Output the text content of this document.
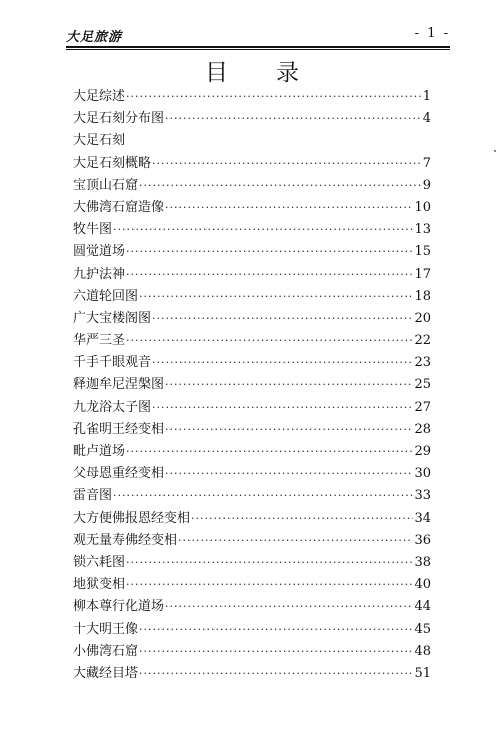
大足旅游	- 1 -
目录
大足综述 ·····	1
大足石刻分布图 ·····	4
大足石刻
大足石刻概略 ·····	7
宝顶山石窟 ·····	9
大佛湾石窟造像 ·····	10
牧牛图 ·····	13
圆觉道场 ·····	15
九护法神 ·····	17
六道轮回图 ·····	18
广大宝楼阁图 ·····	20
华严三圣 ·····	22
千手千眼观音 ·····	23
释迦牟尼涅槃图 ·····	25
九龙浴太子图 ·····	27
孔雀明王经变相 ·····	28
毗卢道场 ·····	29
父母恩重经变相 ·····	30
雷音图 ·····	33
大方便佛报恩经变相 ·····	34
观无量寿佛经变相 ·····	36
锁六耗图 ·····	38
地狱变相 ·····	40
柳本尊行化道场 ·····	44
十大明王像 ·····	45
小佛湾石窟 ·····	48
大藏经目塔 ·····	51
